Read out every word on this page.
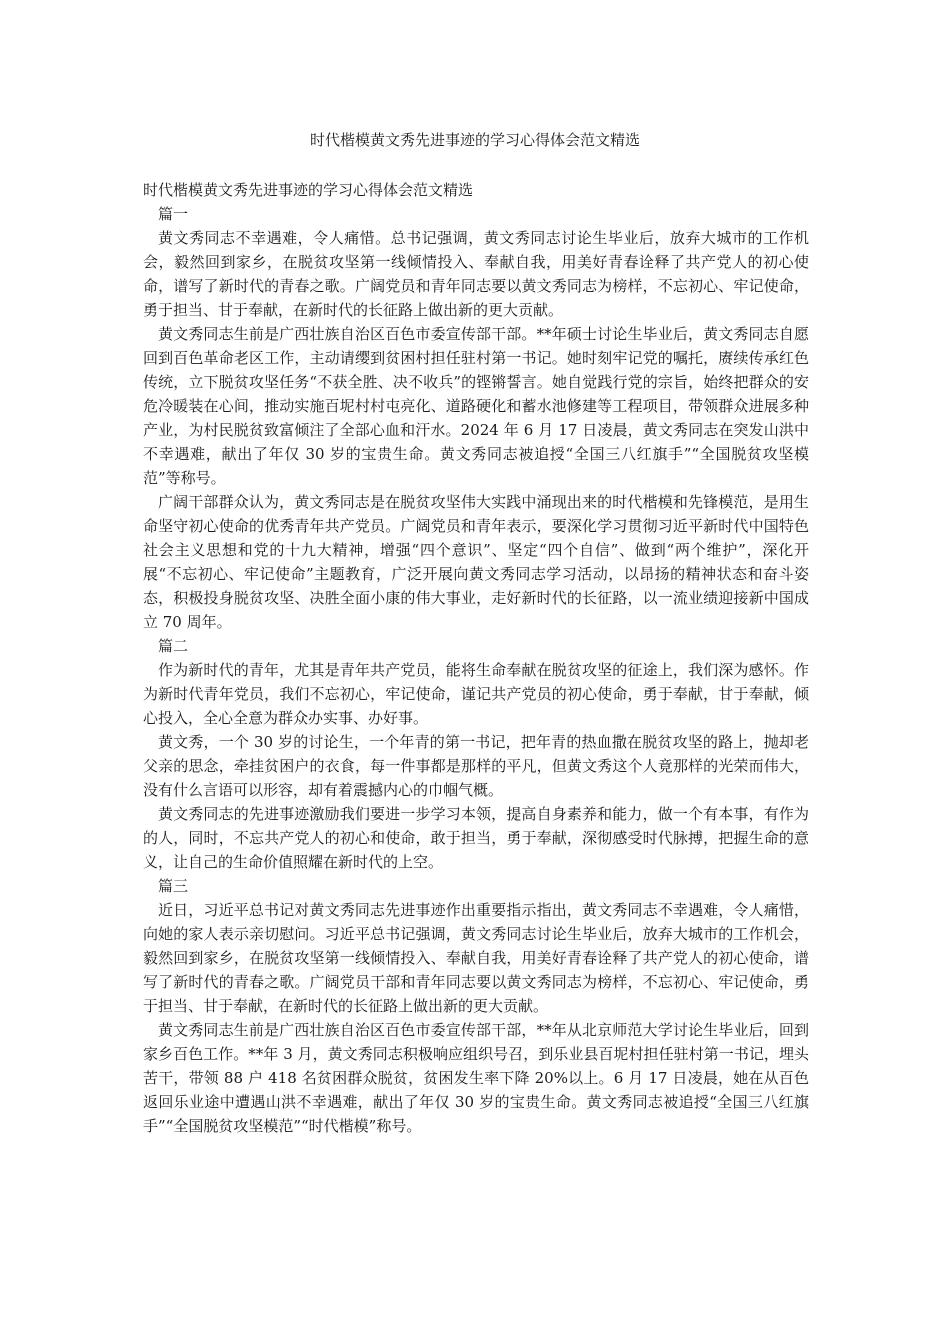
时代楷模黄文秀先进事迹的学习心得体会范文精选

时代楷模黄文秀先进事迹的学习心得体会范文精选

篇一

黄文秀同志不幸遇难，令人痛惜。总书记强调，黄文秀同志讨论生毕业后，放弃大城市的工作机会，毅然回到家乡，在脱贫攻坚第一线倾情投入、奉献自我，用美好青春诠释了共产党人的初心使命，谱写了新时代的青春之歌。广阔党员和青年同志要以黄文秀同志为榜样，不忘初心、牢记使命，勇于担当、甘于奉献，在新时代的长征路上做出新的更大贡献。

黄文秀同志生前是广西壮族自治区百色市委宣传部干部。**年硕士讨论生毕业后，黄文秀同志自愿回到百色革命老区工作，主动请缨到贫困村担任驻村第一书记。她时刻牢记党的嘱托，赓续传承红色传统，立下脱贫攻坚任务“不获全胜、决不收兵”的铿锵誓言。她自觉践行党的宗旨，始终把群众的安危冷暖装在心间，推动实施百坭村村屯亮化、道路硬化和蓄水池修建等工程项目，带领群众进展多种产业，为村民脱贫致富倾注了全部心血和汗水。2024 年 6 月 17 日凌晨，黄文秀同志在突发山洪中不幸遇难，献出了年仅 30 岁的宝贵生命。黄文秀同志被追授“全国三八红旗手”“全国脱贫攻坚模范”等称号。

广阔干部群众认为，黄文秀同志是在脱贫攻坚伟大实践中涌现出来的时代楷模和先锋模范，是用生命坚守初心使命的优秀青年共产党员。广阔党员和青年表示，要深化学习贯彻习近平新时代中国特色社会主义思想和党的十九大精神，增强“四个意识”、坚定“四个自信”、做到“两个维护”，深化开展“不忘初心、牢记使命”主题教育，广泛开展向黄文秀同志学习活动，以昂扬的精神状态和奋斗姿态，积极投身脱贫攻坚、决胜全面小康的伟大事业，走好新时代的长征路，以一流业绩迎接新中国成立 70 周年。

篇二

作为新时代的青年，尤其是青年共产党员，能将生命奉献在脱贫攻坚的征途上，我们深为感怀。作为新时代青年党员，我们不忘初心，牢记使命，谨记共产党员的初心使命，勇于奉献，甘于奉献，倾心投入，全心全意为群众办实事、办好事。

黄文秀，一个 30 岁的讨论生，一个年青的第一书记，把年青的热血撒在脱贫攻坚的路上，抛却老父亲的思念，牵挂贫困户的衣食，每一件事都是那样的平凡，但黄文秀这个人竟那样的光荣而伟大，没有什么言语可以形容，却有着震撼内心的巾帼气概。

黄文秀同志的先进事迹激励我们要进一步学习本领，提高自身素养和能力，做一个有本事，有作为的人，同时，不忘共产党人的初心和使命，敢于担当，勇于奉献，深彻感受时代脉搏，把握生命的意义，让自己的生命价值照耀在新时代的上空。

篇三

近日，习近平总书记对黄文秀同志先进事迹作出重要指示指出，黄文秀同志不幸遇难，令人痛惜，向她的家人表示亲切慰问。习近平总书记强调，黄文秀同志讨论生毕业后，放弃大城市的工作机会，毅然回到家乡，在脱贫攻坚第一线倾情投入、奉献自我，用美好青春诠释了共产党人的初心使命，谱写了新时代的青春之歌。广阔党员干部和青年同志要以黄文秀同志为榜样，不忘初心、牢记使命，勇于担当、甘于奉献，在新时代的长征路上做出新的更大贡献。

黄文秀同志生前是广西壮族自治区百色市委宣传部干部，**年从北京师范大学讨论生毕业后，回到家乡百色工作。**年 3 月，黄文秀同志积极响应组织号召，到乐业县百坭村担任驻村第一书记，埋头苦干，带领 88 户 418 名贫困群众脱贫，贫困发生率下降 20%以上。6 月 17 日凌晨，她在从百色返回乐业途中遭遇山洪不幸遇难，献出了年仅 30 岁的宝贵生命。黄文秀同志被追授“全国三八红旗手”“全国脱贫攻坚模范”“时代楷模”称号。
